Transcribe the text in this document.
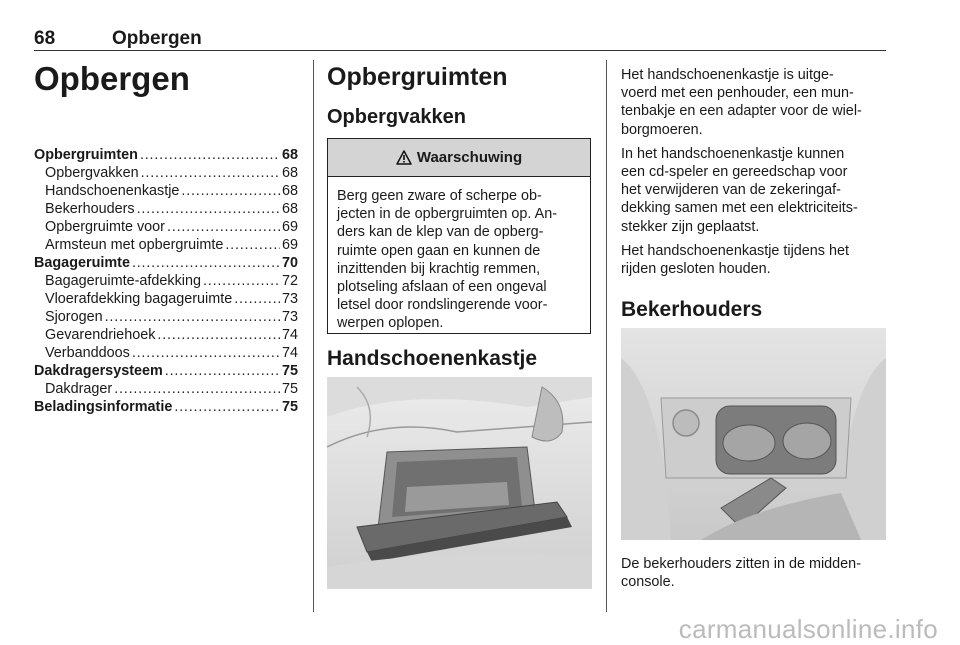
68	Opbergen
Opbergen
Opbergruimten . . .	68
Opbergvakken . . .	68
Handschoenenkastje . . .	68
Bekerhouders . . .	68
Opbergruimte voor . . .	69
Armsteun met opbergruimte . . .	69
Bagageruimte . . .	70
Bagageruimte-afdekking . . .	72
Vloerafdekking bagageruimte . . .	73
Sjorogen . . .	73
Gevarendriehoek . . .	74
Verbanddoos . . .	74
Dakdragersysteem . . .	75
Dakdrager . . .	75
Beladingsinformatie . . .	75
Opbergruimten
Opbergvakken
Waarschuwing
Berg geen zware of scherpe ob-
jecten in de opbergruimten op. An-
ders kan de klep van de opberg-
ruimte open gaan en kunnen de
inzittenden bij krachtig remmen,
plotseling afslaan of een ongeval
letsel door rondslingerende voor-
werpen oplopen.
Handschoenenkastje

Het handschoenenkastje is uitge-
voerd met een penhouder, een mun-
tenbakje en een adapter voor de wiel-
borgmoeren.

In het handschoenenkastje kunnen
een cd-speler en gereedschap voor
het verwijderen van de zekeringaf-
dekking samen met een elektriciteits-
stekker zijn geplaatst.

Het handschoenenkastje tijdens het
rijden gesloten houden.

Bekerhouders
De bekerhouders zitten in de midden-
console.
carmanualsonline.info
